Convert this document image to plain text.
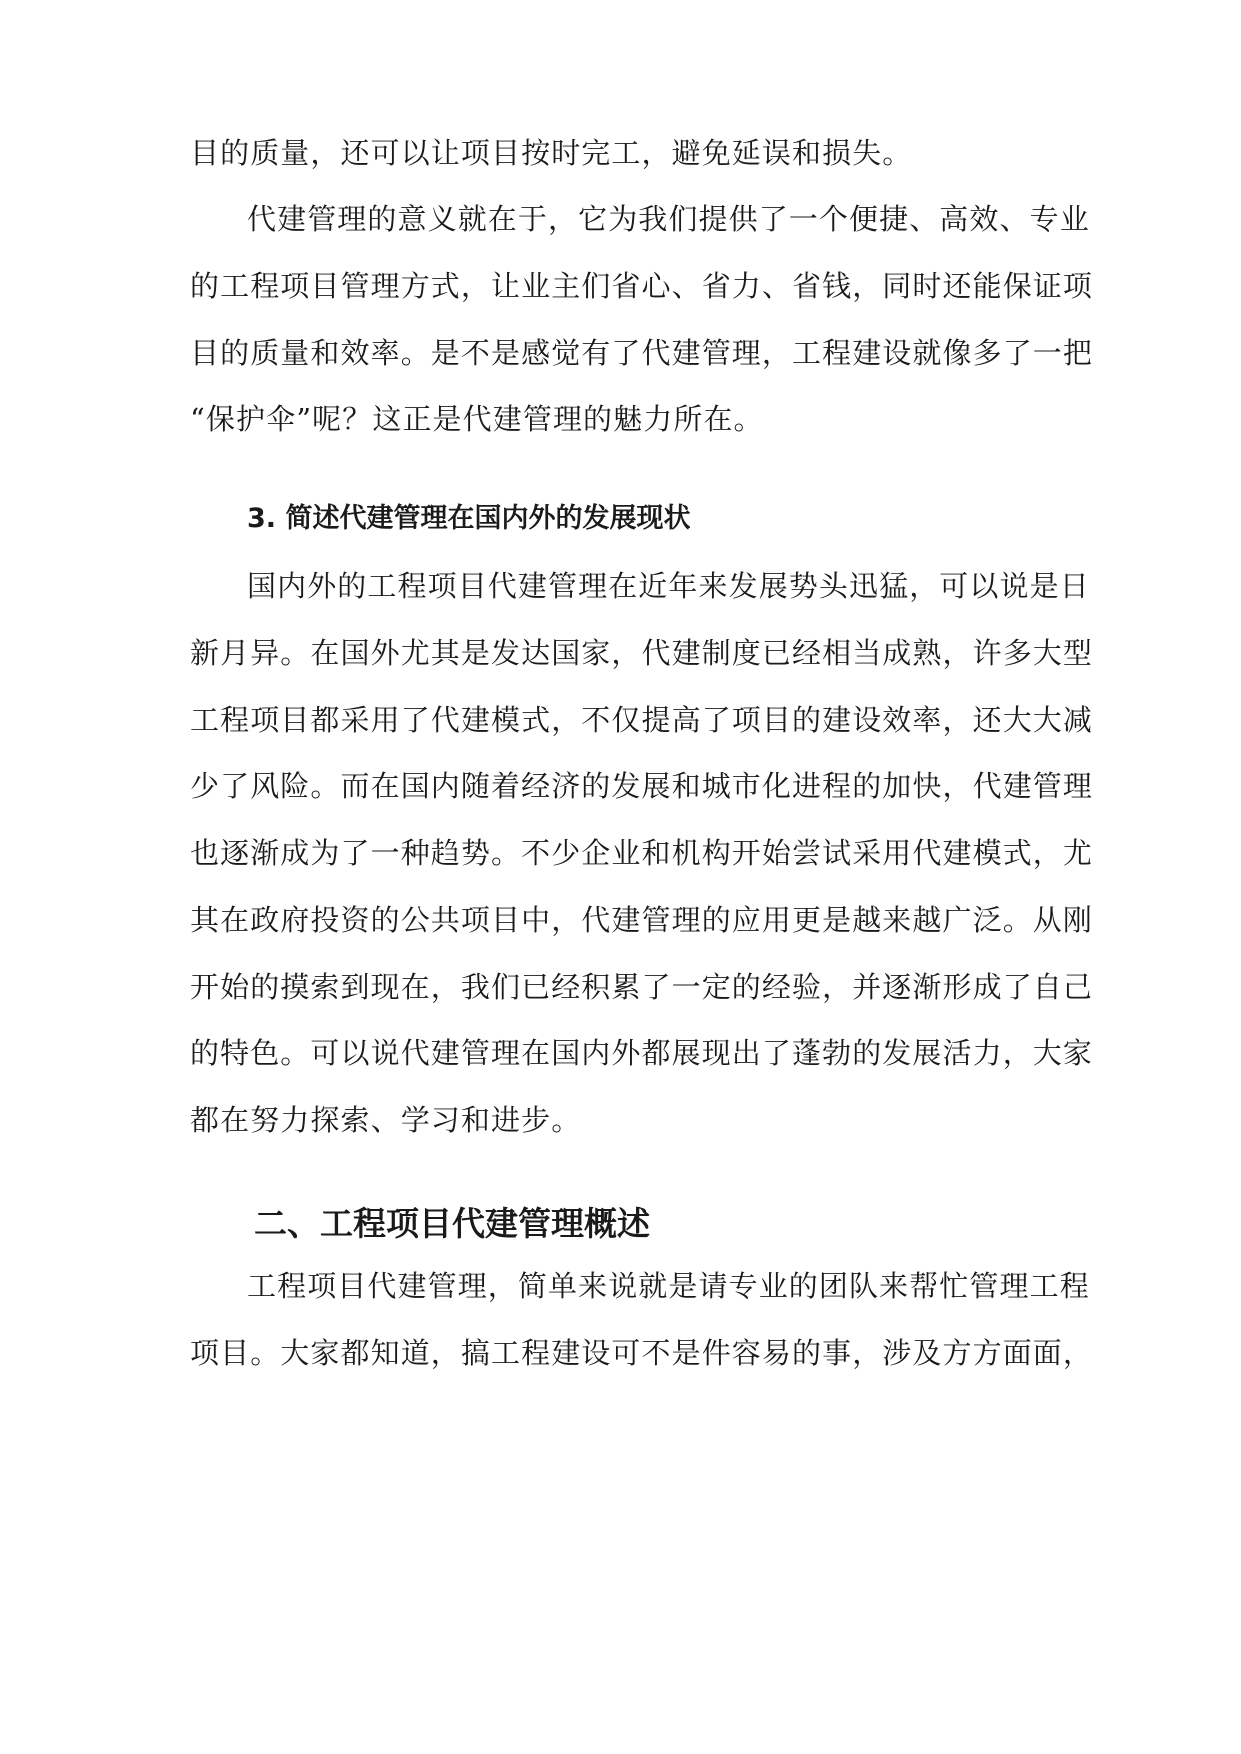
目的质量，还可以让项目按时完工，避免延误和损失。
代建管理的意义就在于，它为我们提供了一个便捷、高效、专业
的工程项目管理方式，让业主们省心、省力、省钱，同时还能保证项
目的质量和效率。是不是感觉有了代建管理，工程建设就像多了一把
“保护伞”呢？这正是代建管理的魅力所在。
3. 简述代建管理在国内外的发展现状
国内外的工程项目代建管理在近年来发展势头迅猛，可以说是日
新月异。在国外尤其是发达国家，代建制度已经相当成熟，许多大型
工程项目都采用了代建模式，不仅提高了项目的建设效率，还大大减
少了风险。而在国内随着经济的发展和城市化进程的加快，代建管理
也逐渐成为了一种趋势。不少企业和机构开始尝试采用代建模式，尤
其在政府投资的公共项目中，代建管理的应用更是越来越广泛。从刚
开始的摸索到现在，我们已经积累了一定的经验，并逐渐形成了自己
的特色。可以说代建管理在国内外都展现出了蓬勃的发展活力，大家
都在努力探索、学习和进步。
二、工程项目代建管理概述
工程项目代建管理，简单来说就是请专业的团队来帮忙管理工程
项目。大家都知道，搞工程建设可不是件容易的事，涉及方方面面，
